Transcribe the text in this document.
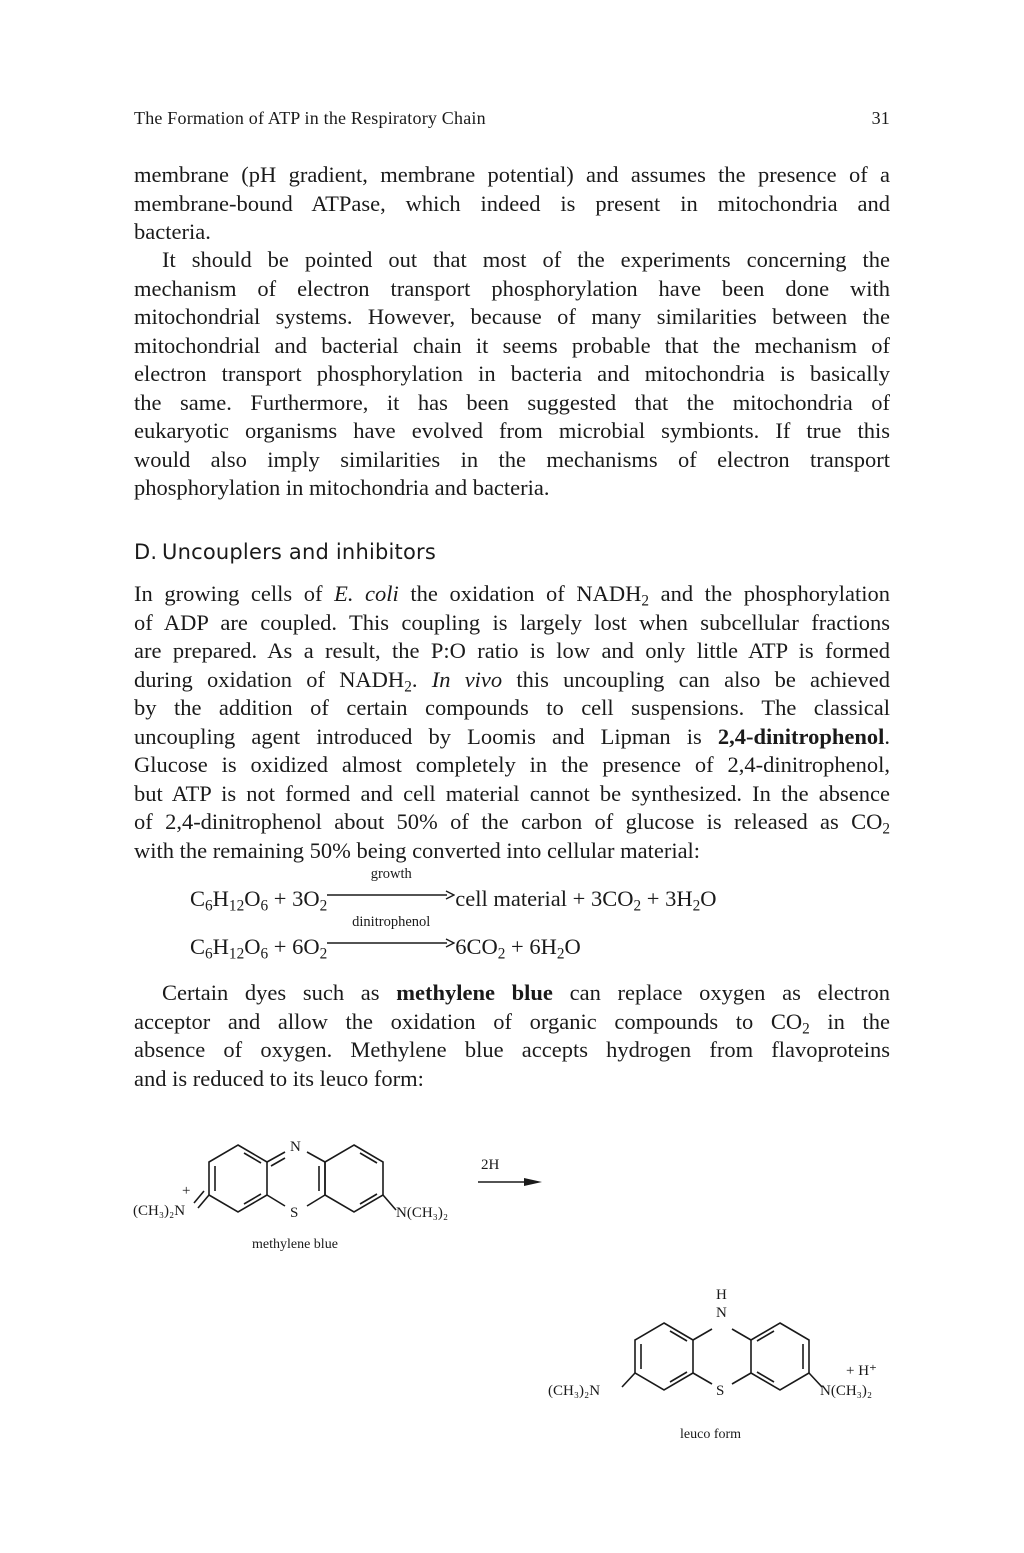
The Formation of ATP in the Respiratory Chain	31
membrane (pH gradient, membrane potential) and assumes the presence of a
membrane-bound ATPase, which indeed is present in mitochondria and
bacteria.
It should be pointed out that most of the experiments concerning the
mechanism of electron transport phosphorylation have been done with
mitochondrial systems. However, because of many similarities between the
mitochondrial and bacterial chain it seems probable that the mechanism of
electron transport phosphorylation in bacteria and mitochondria is basically
the same. Furthermore, it has been suggested that the mitochondria of
eukaryotic organisms have evolved from microbial symbionts. If true this
would also imply similarities in the mechanisms of electron transport
phosphorylation in mitochondria and bacteria.
D. Uncouplers and inhibitors
In growing cells of E. coli the oxidation of $NADH_2$ and the phosphorylation
of ADP are coupled. This coupling is largely lost when subcellular fractions
are prepared. As a result, the P:O ratio is low and only little ATP is formed
during oxidation of $NADH_2$. In vivo this uncoupling can also be achieved
by the addition of certain compounds to cell suspensions. The classical
uncoupling agent introduced by Loomis and Lipman is 2,4-dinitrophenol.
Glucose is oxidized almost completely in the presence of 2,4-dinitrophenol,
but ATP is not formed and cell material cannot be synthesized. In the absence
of 2,4-dinitrophenol about 50% of the carbon of glucose is released as $CO_2$
with the remaining 50% being converted into cellular material:
$C_6H_{12}O_6 + 3O_2$
growth
cell material + $3CO_2 + 3H_2O$
$C_6H_{12}O_6 + 6O_2$
dinitrophenol
$6CO_2 + 6H_2O$
Certain dyes such as methylene blue can replace oxygen as electron
acceptor and allow the oxidation of organic compounds to $CO_2$ in the
absence of oxygen. Methylene blue accepts hydrogen from flavoproteins
and is reduced to its leuco form:
+
(CH₃)₂N
N
S	N(CH₃)₂
methylene blue
2H
H
N
S
(CH₃)₂N	N(CH₃)₂
+ H⁺
leuco form
